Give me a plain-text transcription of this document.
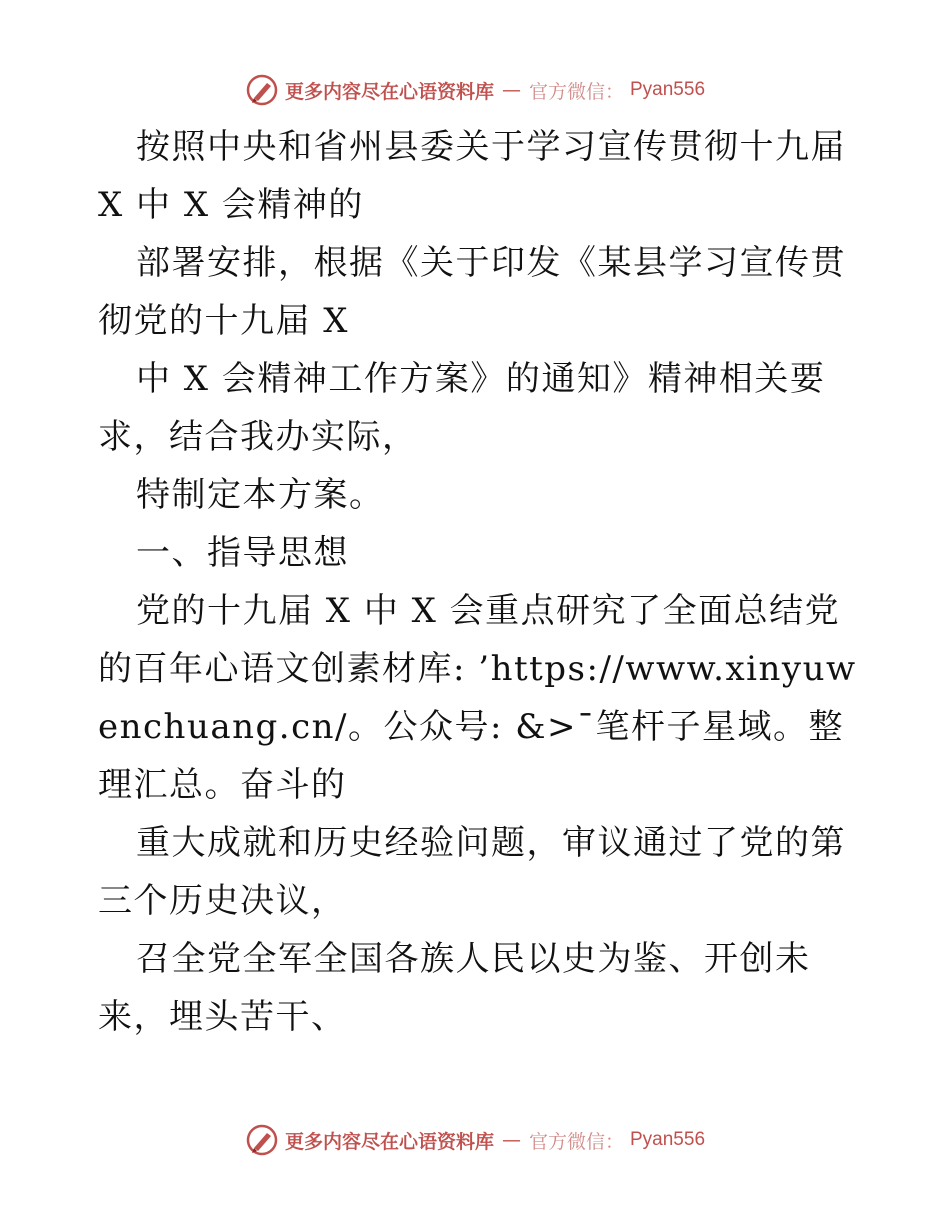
更多内容尽在心语资料库 — 官方微信： Pyan556

按照中央和省州县委关于学习宣传贯彻十九届 X 中 X 会精神的

部署安排，根据《关于印发《某县学习宣传贯彻党的十九届 X

中 X 会精神工作方案》的通知》精神相关要求，结合我办实际，

特制定本方案。

一、指导思想

党的十九届 X 中 X 会重点研究了全面总结党的百年心语文创素材库: ’https://www.xinyuwenchuang.cn/。公众号: &>¯笔杆子星域。整理汇总。奋斗的

重大成就和历史经验问题，审议通过了党的第三个历史决议，

召全党全军全国各族人民以史为鉴、开创未来，埋头苦干、

更多内容尽在心语资料库 — 官方微信： Pyan556
